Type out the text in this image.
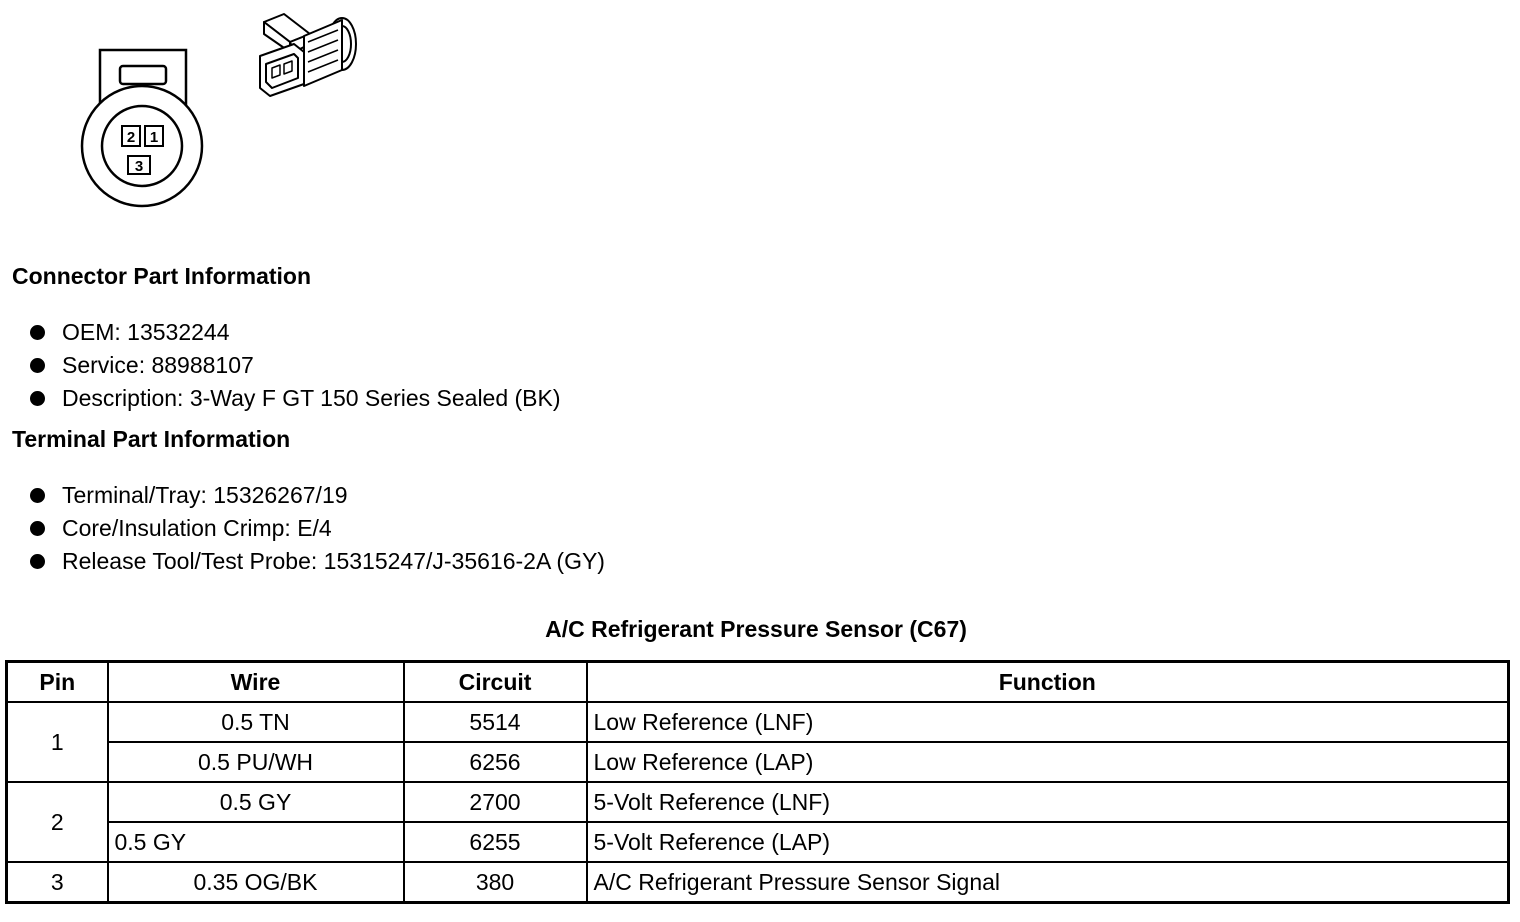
2 1
3
Connector Part Information
OEM: 13532244
Service: 88988107
Description: 3-Way F GT 150 Series Sealed (BK)
Terminal Part Information
Terminal/Tray: 15326267/19
Core/Insulation Crimp: E/4
Release Tool/Test Probe: 15315247/J-35616-2A (GY)
A/C Refrigerant Pressure Sensor (C67)
Pin	Wire	Circuit	Function
1	0.5 TN	5514	Low Reference (LNF)
	0.5 PU/WH	6256	Low Reference (LAP)
2	0.5 GY	2700	5-Volt Reference (LNF)
	0.5 GY	6255	5-Volt Reference (LAP)
3	0.35 OG/BK	380	A/C Refrigerant Pressure Sensor Signal
